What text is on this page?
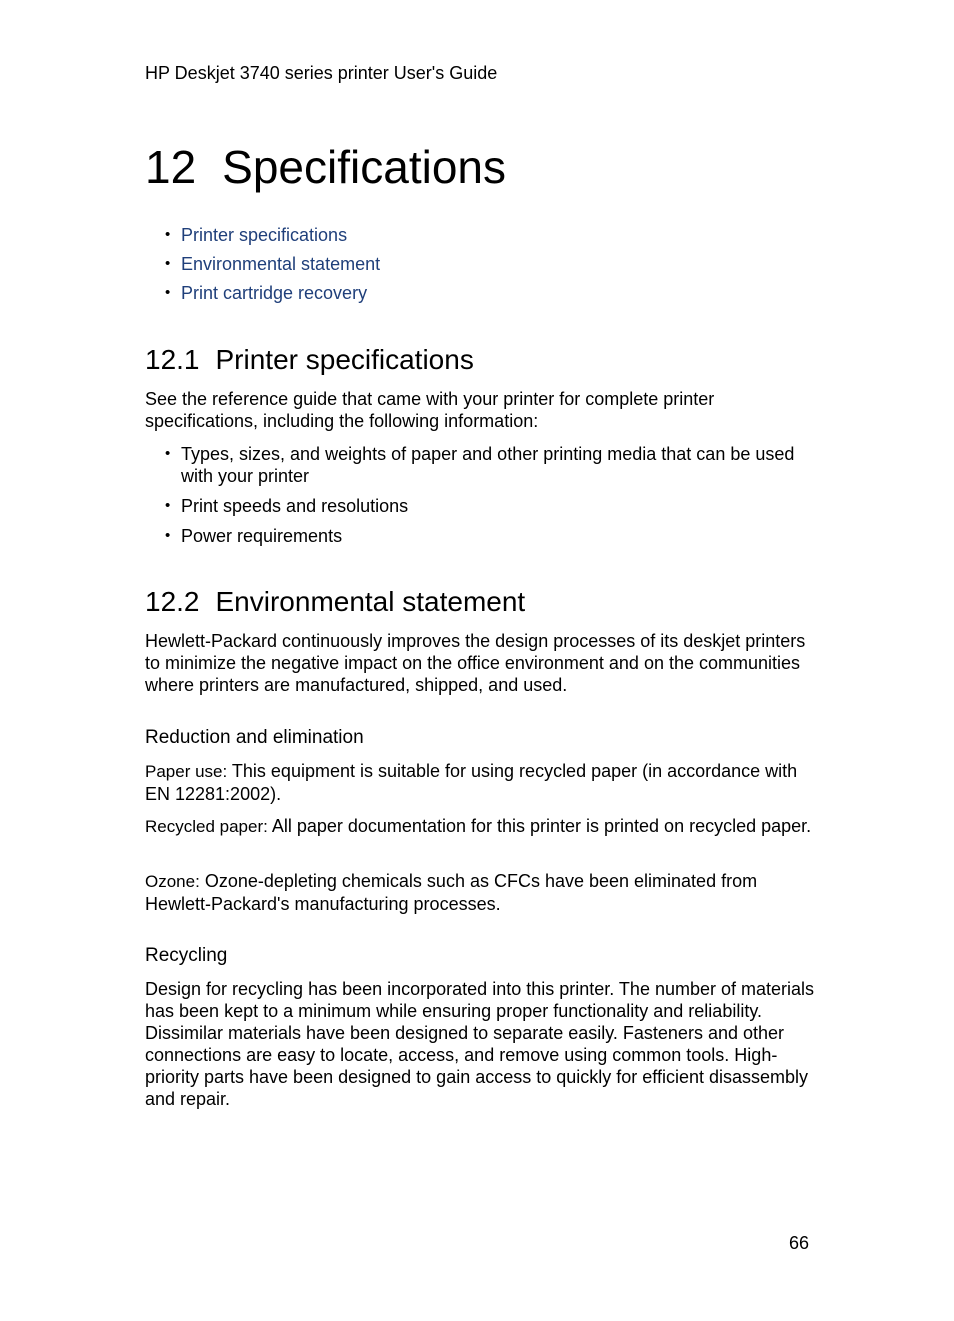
HP Deskjet 3740 series printer User's Guide
12 Specifications
• Printer specifications
• Environmental statement
• Print cartridge recovery
12.1 Printer specifications

See the reference guide that came with your printer for complete printer specifications, including the following information:

• Types, sizes, and weights of paper and other printing media that can be used with your printer
• Print speeds and resolutions
• Power requirements
12.2 Environmental statement

Hewlett-Packard continuously improves the design processes of its deskjet printers to minimize the negative impact on the office environment and on the communities where printers are manufactured, shipped, and used.

Reduction and elimination

Paper use: This equipment is suitable for using recycled paper (in accordance with EN 12281:2002).

Recycled paper: All paper documentation for this printer is printed on recycled paper.

Ozone: Ozone-depleting chemicals such as CFCs have been eliminated from Hewlett-Packard's manufacturing processes.

Recycling

Design for recycling has been incorporated into this printer. The number of materials has been kept to a minimum while ensuring proper functionality and reliability. Dissimilar materials have been designed to separate easily. Fasteners and other connections are easy to locate, access, and remove using common tools. High-priority parts have been designed to gain access to quickly for efficient disassembly and repair.

66
